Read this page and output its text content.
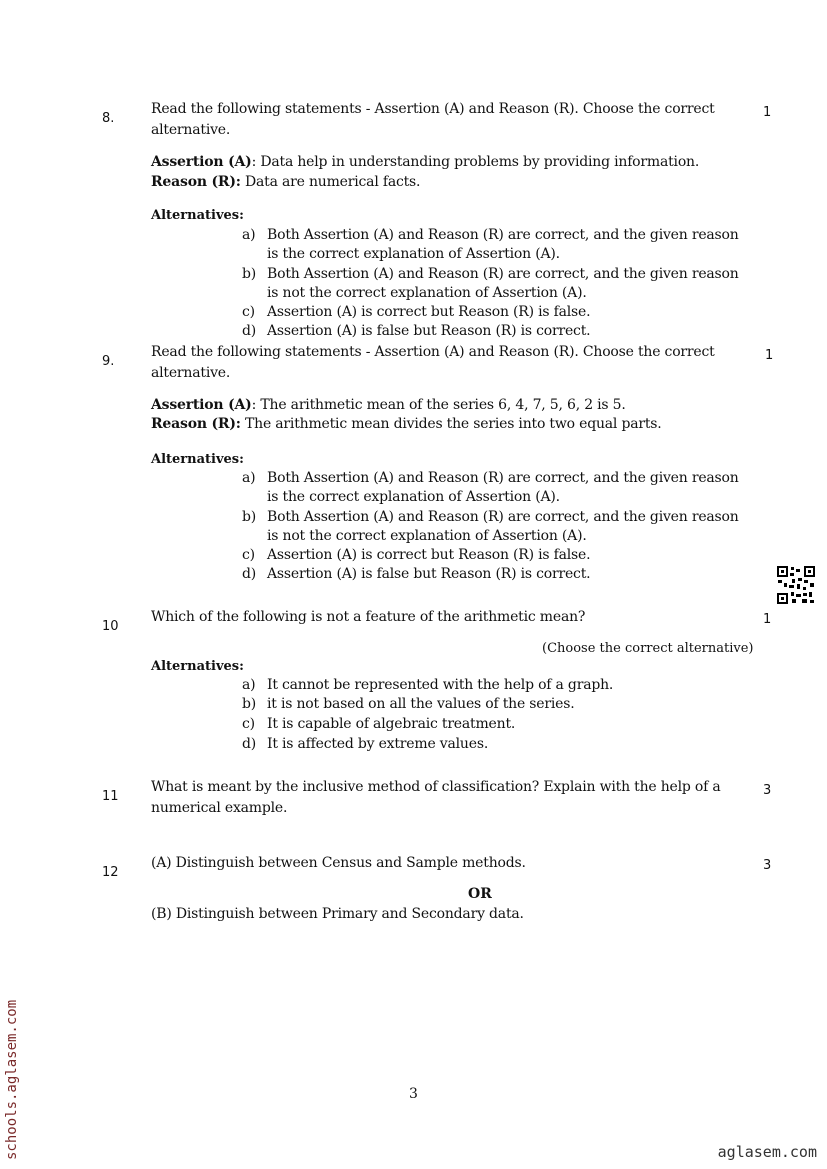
8.	1
Read the following statements - Assertion (A) and Reason (R). Choose the correct
alternative.
Assertion (A): Data help in understanding problems by providing information.
Reason (R): Data are numerical facts.
Alternatives:
a) Both Assertion (A) and Reason (R) are correct, and the given reason
is the correct explanation of Assertion (A).
b) Both Assertion (A) and Reason (R) are correct, and the given reason
is not the correct explanation of Assertion (A).
c) Assertion (A) is correct but Reason (R) is false.
d) Assertion (A) is false but Reason (R) is correct.
9.	1
Read the following statements - Assertion (A) and Reason (R). Choose the correct
alternative.
Assertion (A): The arithmetic mean of the series 6, 4, 7, 5, 6, 2 is 5.
Reason (R): The arithmetic mean divides the series into two equal parts.
Alternatives:
a) Both Assertion (A) and Reason (R) are correct, and the given reason
is the correct explanation of Assertion (A).
b) Both Assertion (A) and Reason (R) are correct, and the given reason
is not the correct explanation of Assertion (A).
c) Assertion (A) is correct but Reason (R) is false.
d) Assertion (A) is false but Reason (R) is correct.
10	1
Which of the following is not a feature of the arithmetic mean?
(Choose the correct alternative)
Alternatives:
a) It cannot be represented with the help of a graph.
b) it is not based on all the values of the series.
c) It is capable of algebraic treatment.
d) It is affected by extreme values.
11	3
What is meant by the inclusive method of classification? Explain with the help of a
numerical example.
12	3
(A) Distinguish between Census and Sample methods.
OR
(B) Distinguish between Primary and Secondary data.
3
schools.aglasem.com	aglasem.com
